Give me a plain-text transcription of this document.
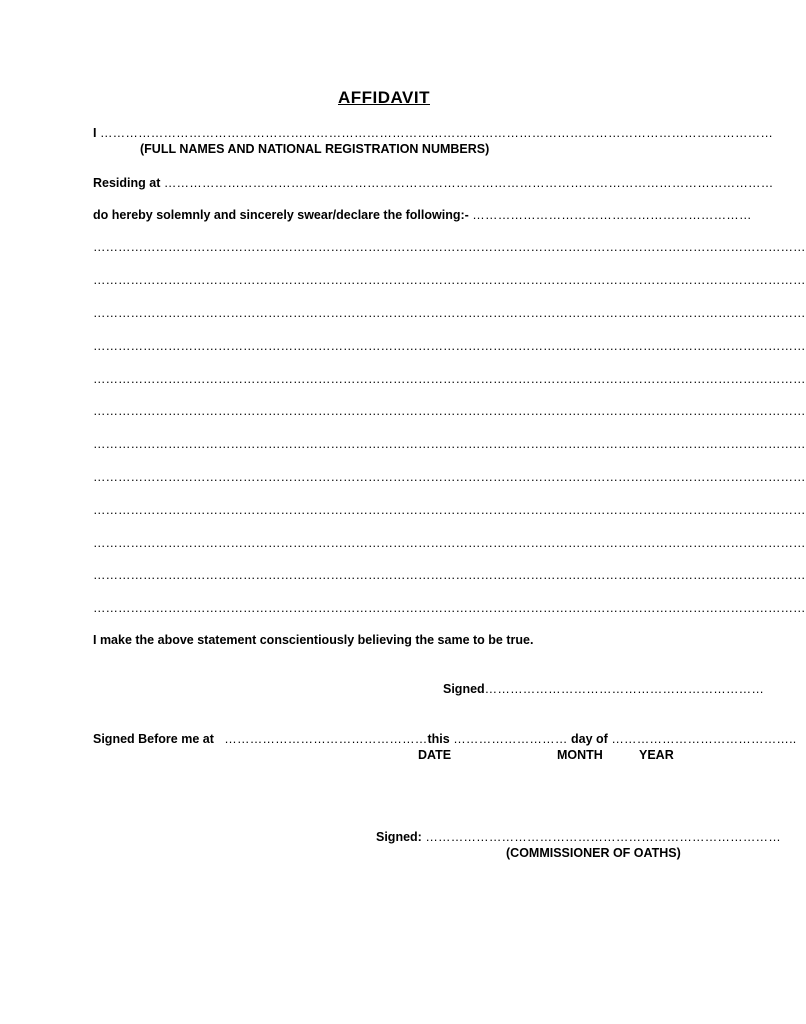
AFFIDAVIT
I ……………………………………………………………………………………………………………………………………………
(FULL NAMES AND NATIONAL REGISTRATION NUMBERS)
Residing at ………………………………………………………………………………………………………………………………
do hereby solemnly and sincerely swear/declare the following:- …………………………………………………………
………………………………………………………………………………………………………………………………………………………
………………………………………………………………………………………………………………………………………………………
………………………………………………………………………………………………………………………………………………………
………………………………………………………………………………………………………………………………………………………
………………………………………………………………………………………………………………………………………………………
………………………………………………………………………………………………………………………………………………………
………………………………………………………………………………………………………………………………………………………
………………………………………………………………………………………………………………………………………………………
………………………………………………………………………………………………………………………………………………………
………………………………………………………………………………………………………………………………………………………
………………………………………………………………………………………………………………………………………………………
………………………………………………………………………………………………………………………………………………………
I make the above statement conscientiously believing the same to be true.
Signed…………………………………………………………
Signed Before me at …………………………………………this ……………………… day of ……………………………………..
DATE	MONTH	YEAR
Signed: …………………………………………………………………………
(COMMISSIONER OF OATHS)
